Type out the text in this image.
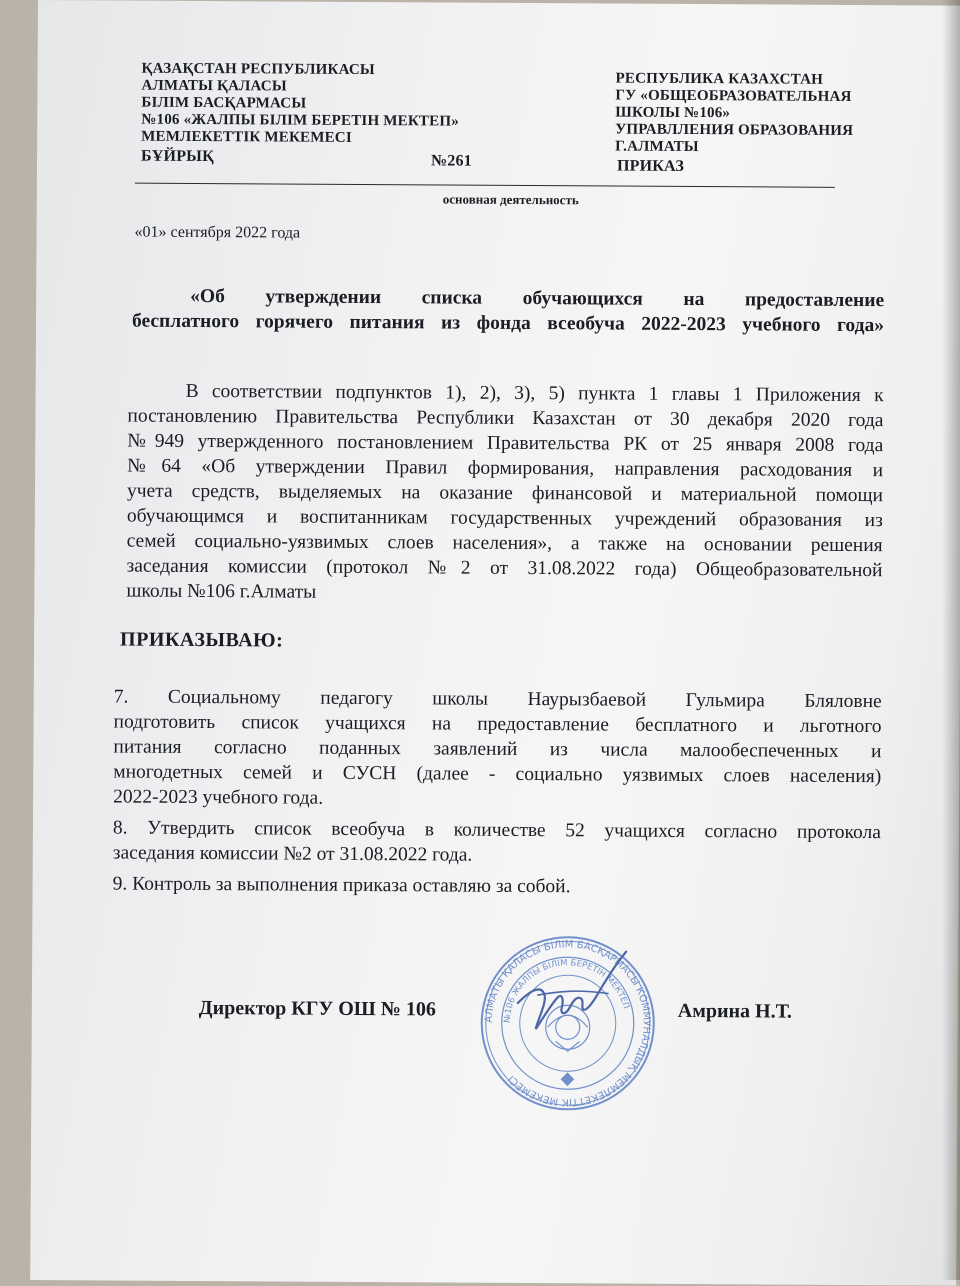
ҚАЗАҚСТАН РЕСПУБЛИКАСЫ
АЛМАТЫ ҚАЛАСЫ
БІЛІМ БАСҚАРМАСЫ
№106 «ЖАЛПЫ БІЛІМ БЕРЕТІН МЕКТЕП»
МЕМЛЕКЕТТІК МЕКЕМЕСІ
БҰЙРЫҚ	№261
РЕСПУБЛИКА КАЗАХСТАН
ГУ «ОБЩЕОБРАЗОВАТЕЛЬНАЯ
ШКОЛЫ №106»
УПРАВЛЛЕНИЯ ОБРАЗОВАНИЯ
Г.АЛМАТЫ
ПРИКАЗ
основная деятельность
«01» сентября 2022 года
«Об утверждении списка обучающихся на предоставление
бесплатного горячего питания из фонда всеобуча 2022-2023 учебного года»
В соответствии подпунктов 1), 2), 3), 5) пункта 1 главы 1 Приложения к
постановлению Правительства Республики Казахстан от 30 декабря 2020 года
№949 утвержденного постановлением Правительства РК от 25 января 2008 года
№64 «Об утверждении Правил формирования, направления расходования и
учета средств, выделяемых на оказание финансовой и материальной помощи
обучающимся и воспитанникам государственных учреждений образования из
семей социально-уязвимых слоев населения», а также на основании решения
заседания комиссии (протокол №2 от 31.08.2022 года) Общеобразовательной
школы №106 г.Алматы
ПРИКАЗЫВАЮ:
7. Социальному педагогу школы Наурызбаевой Гульмира Бляловне
подготовить список учащихся на предоставление бесплатного и льготного
питания согласно поданных заявлений из числа малообеспеченных и
многодетных семей и СУСН (далее - социально уязвимых слоев населения)
2022-2023 учебного года.
8. Утвердить список всеобуча в количестве 52 учащихся согласно протокола
заседания комиссии №2 от 31.08.2022 года.
9. Контроль за выполнения приказа оставляю за собой.
Директор КГУ ОШ № 106	Амрина Н.Т.
АЛМАТЫ ҚАЛАСЫ БІЛІМ БАСҚАРМАСЫ КОММУНАЛДЫҚ МЕМЛЕКЕТТІК МЕКЕМЕСІ
№106 ЖАЛПЫ БІЛІМ БЕРЕТІН МЕКТЕП
